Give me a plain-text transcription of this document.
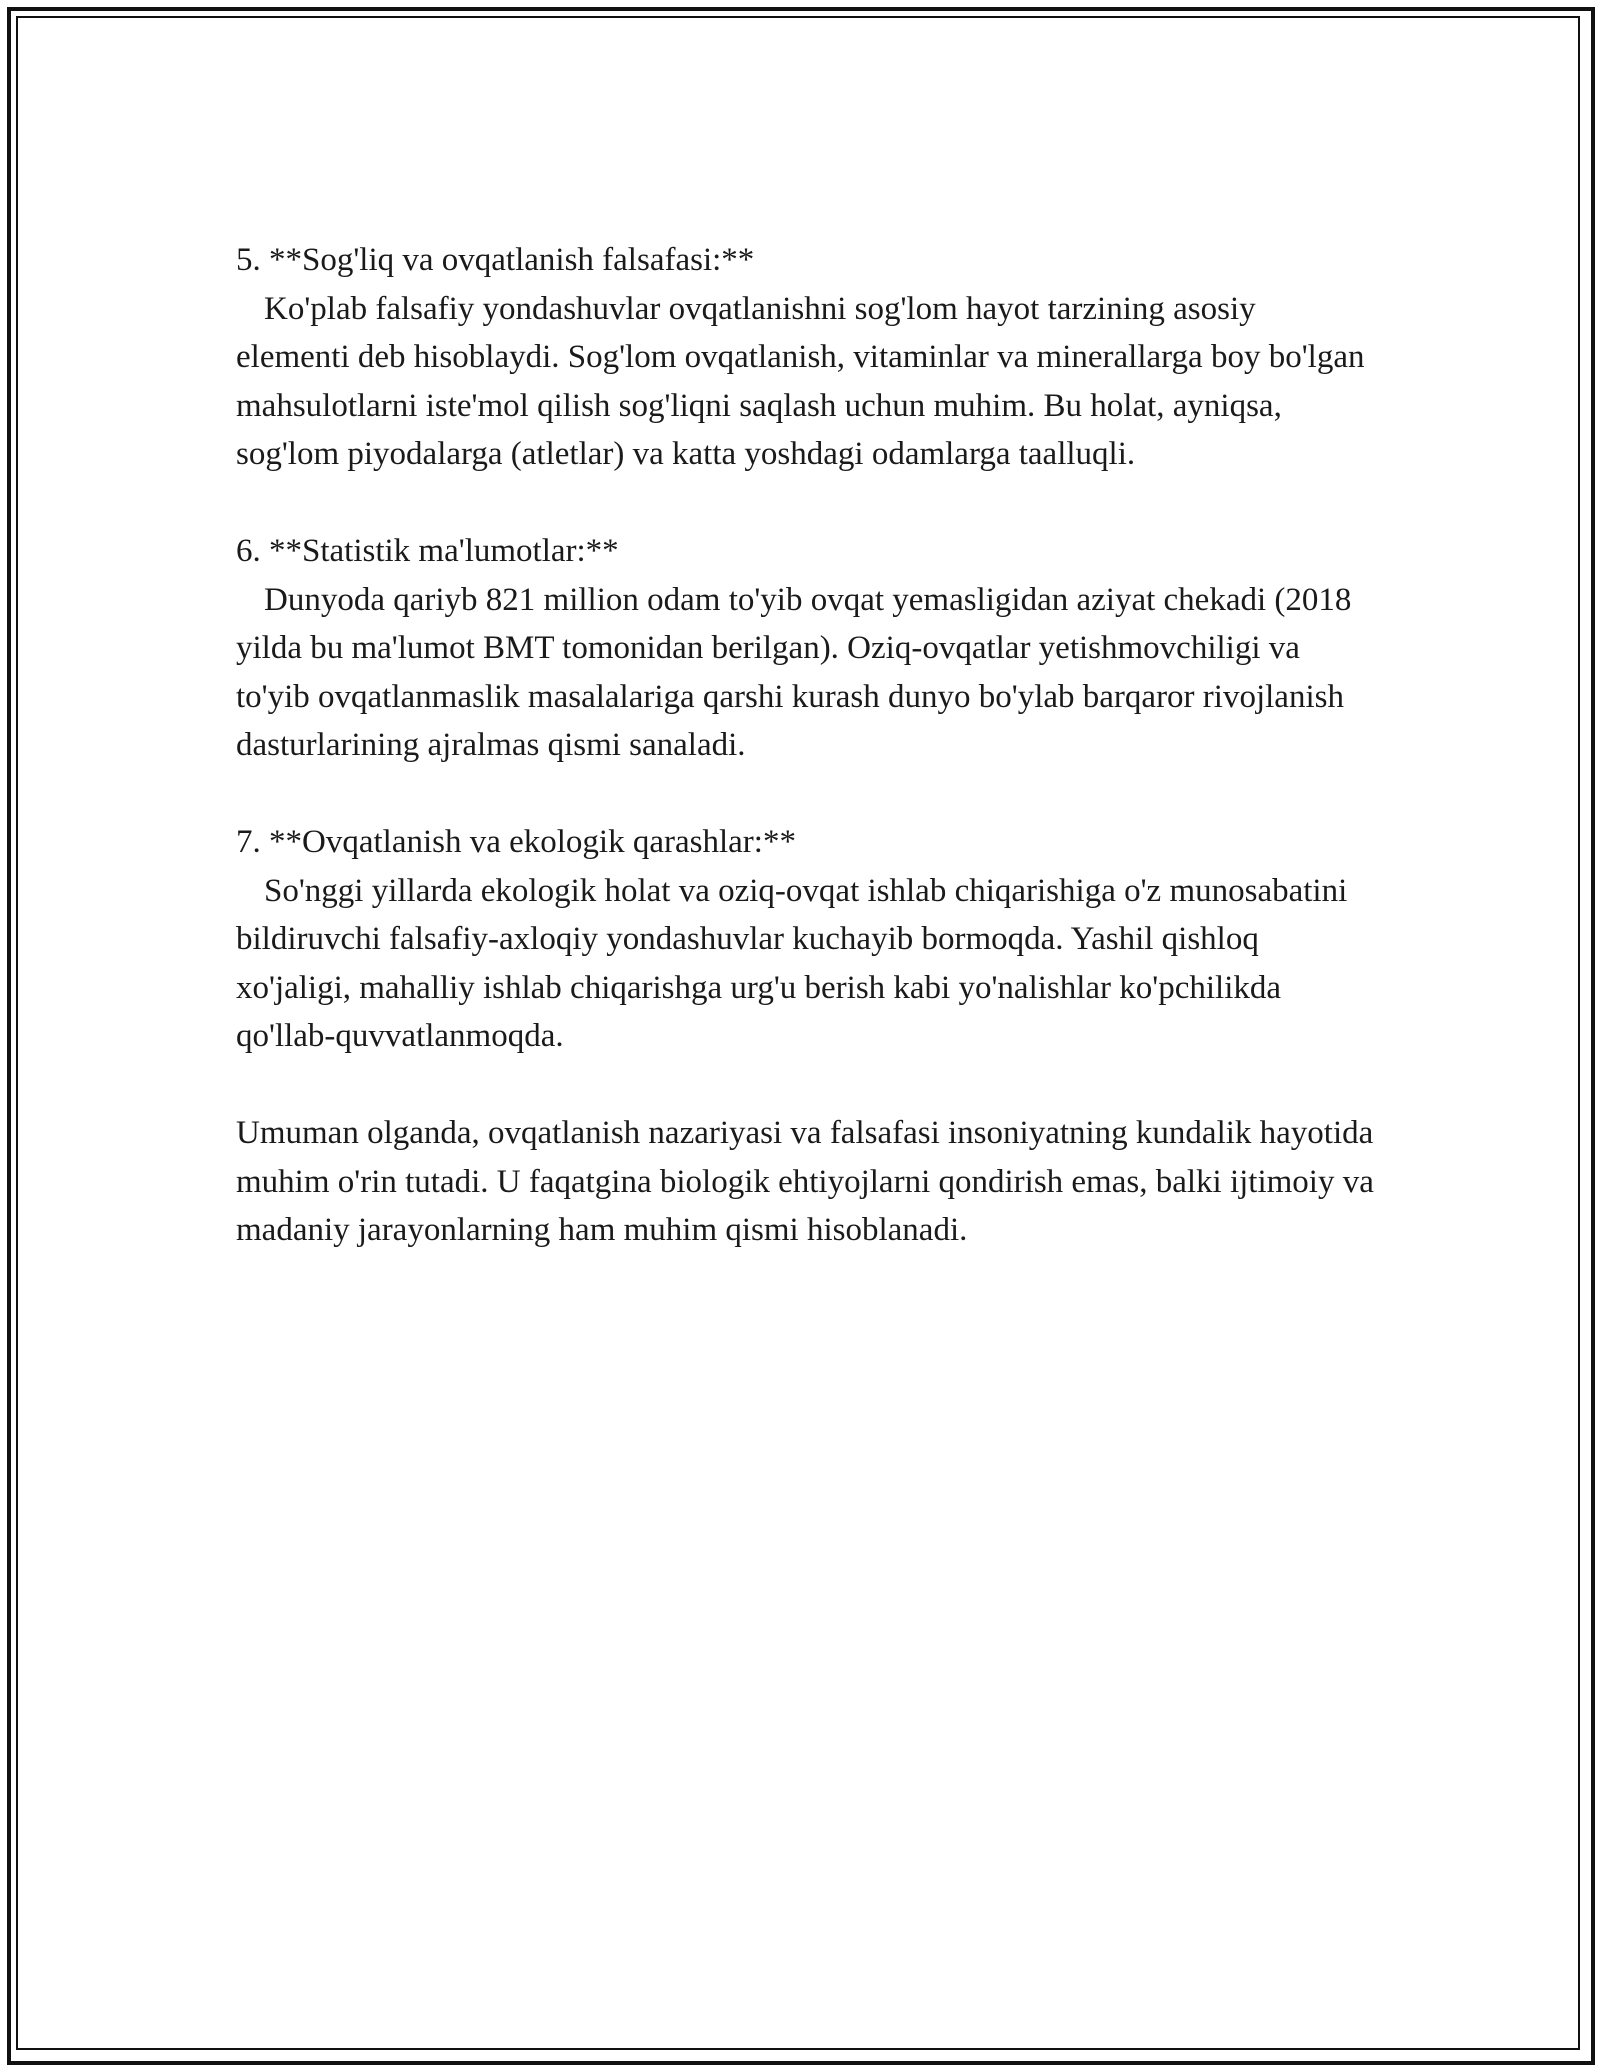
5. **Sog'liq va ovqatlanish falsafasi:**
Ko'plab falsafiy yondashuvlar ovqatlanishni sog'lom hayot tarzining asosiy elementi deb hisoblaydi. Sog'lom ovqatlanish, vitaminlar va minerallarga boy bo'lgan mahsulotlarni iste'mol qilish sog'liqni saqlash uchun muhim. Bu holat, ayniqsa, sog'lom piyodalarga (atletlar) va katta yoshdagi odamlarga taalluqli.
6. **Statistik ma'lumotlar:**
Dunyoda qariyb 821 million odam to'yib ovqat yemasligidan aziyat chekadi (2018 yilda bu ma'lumot BMT tomonidan berilgan). Oziq-ovqatlar yetishmovchiligi va to'yib ovqatlanmaslik masalalariga qarshi kurash dunyo bo'ylab barqaror rivojlanish dasturlarining ajralmas qismi sanaladi.
7. **Ovqatlanish va ekologik qarashlar:**
So'nggi yillarda ekologik holat va oziq-ovqat ishlab chiqarishiga o'z munosabatini bildiruvchi falsafiy-axloqiy yondashuvlar kuchayib bormoqda. Yashil qishloq xo'jaligi, mahalliy ishlab chiqarishga urg'u berish kabi yo'nalishlar ko'pchilikda qo'llab-quvvatlanmoqda.
Umuman olganda, ovqatlanish nazariyasi va falsafasi insoniyatning kundalik hayotida muhim o'rin tutadi. U faqatgina biologik ehtiyojlarni qondirish emas, balki ijtimoiy va madaniy jarayonlarning ham muhim qismi hisoblanadi.
